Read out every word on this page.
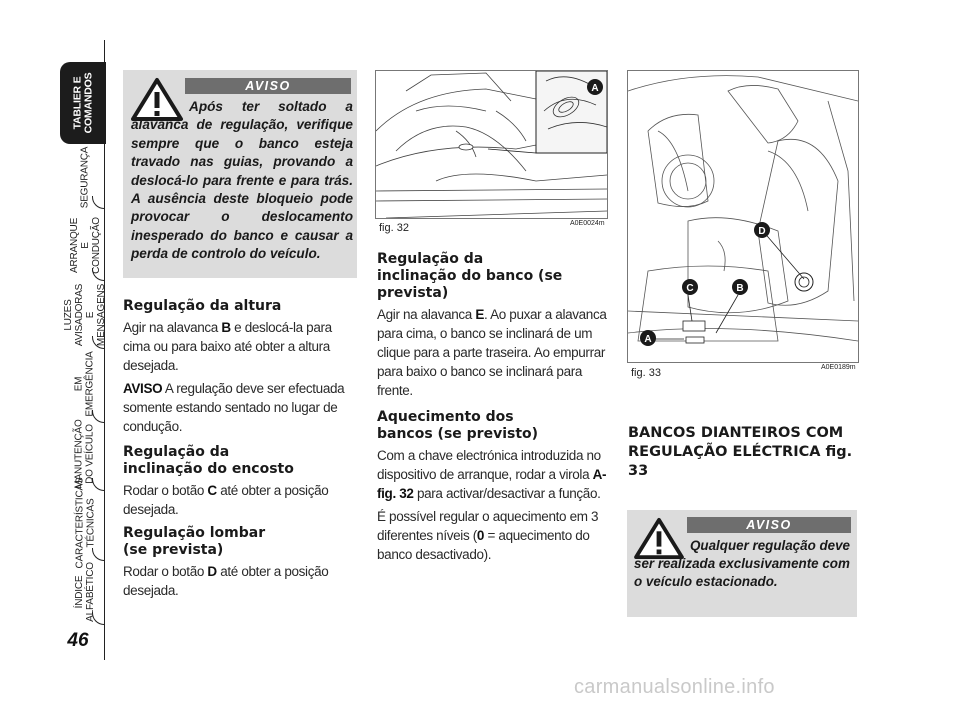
TABLIER E
COMANDOS
SEGURANÇA
ARRANQUE
E CONDUÇÃO
LUZES
AVISADORAS
E MENSAGENS
EM EMERGÊNCIA
MANUTENÇÃO
DO VEÍCULO
CARACTERÍSTICAS
TÉCNICAS
ÍNDICE
ALFABÉTICO
46
AVISO
Após ter soltado a alavanca de regulação, verifique sempre que o banco esteja travado nas guias, provando a deslocá-lo para frente e para trás. A ausência deste bloqueio pode provocar o deslocamento inesperado do banco e causar a perda de controlo do veículo.
Regulação da altura

Agir na alavanca B e deslocá-la para cima ou para baixo até obter a altura desejada.

AVISO A regulação deve ser efectuada somente estando sentado no lugar de condução.

Regulação da inclinação do encosto

Rodar o botão C até obter a posição desejada.

Regulação lombar (se prevista)

Rodar o botão D até obter a posição desejada.

A
fig. 32	A0E0024m
Regulação da inclinação do banco (se prevista)

Agir na alavanca E. Ao puxar a alavanca para cima, o banco se inclinará de um clique para a parte traseira. Ao empurrar para baixo o banco se inclinará para frente.

Aquecimento dos bancos (se previsto)

Com a chave electrónica introduzida no dispositivo de arranque, rodar a virola A-fig. 32 para activar/desactivar a função.

É possível regular o aquecimento em 3 diferentes níveis (0 = aquecimento do banco desactivado).

D
B
C
A
fig. 33	A0E0189m
BANCOS DIANTEIROS COM REGULAÇÃO ELÉCTRICA fig. 33
AVISO
Qualquer regulação deve ser realizada exclusivamente com o veículo estacionado.
carmanualsonline.info
